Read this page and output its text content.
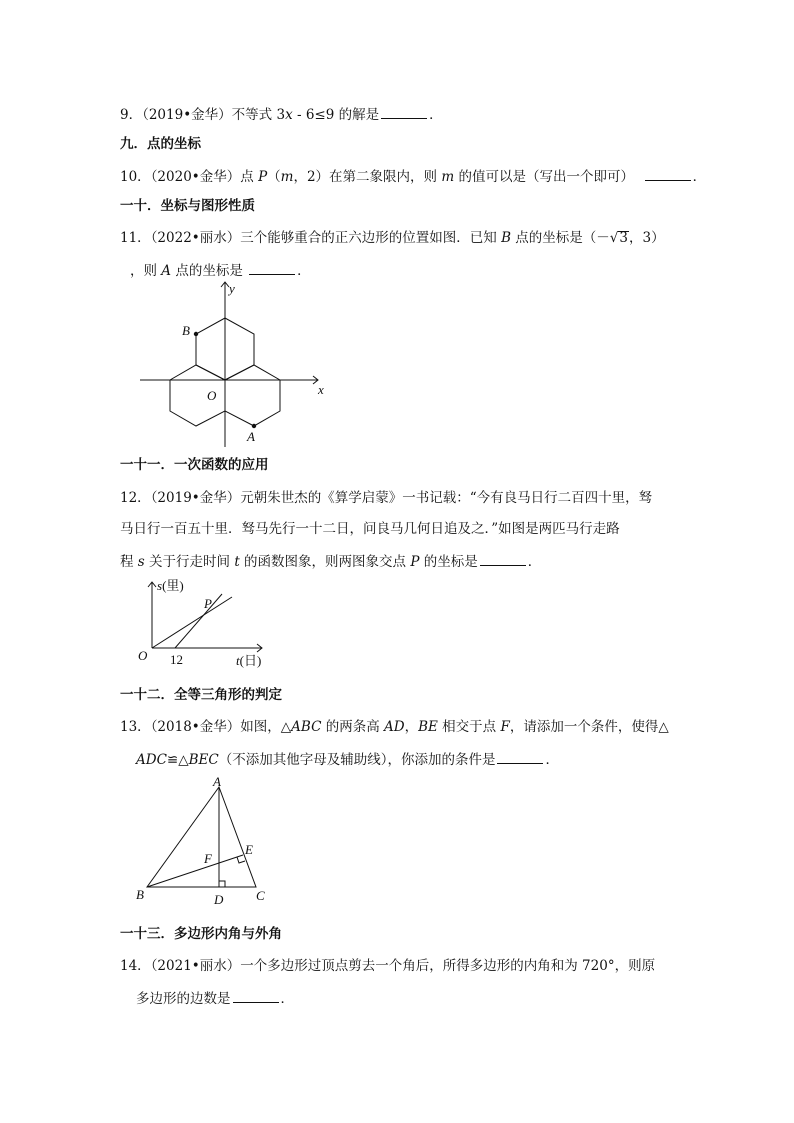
9．（2019•金华）不等式 3x - 6≤9 的解是	．
九．点的坐标
10．（2020•金华）点 P（m，2）在第二象限内，则 m 的值可以是（写出一个即可）	．
一十．坐标与图形性质
11．（2022•丽水）三个能够重合的正六边形的位置如图．已知 B 点的坐标是（－√3，3）
，则 A 点的坐标是	．
y
x
B
O
A
一十一．一次函数的应用
12．（2019•金华）元朝朱世杰的《算学启蒙》一书记载：“今有良马日行二百四十里，驽
马日行一百五十里．驽马先行一十二日，问良马几何日追及之．”如图是两匹马行走路
程 s 关于行走时间 t 的函数图象，则两图象交点 P 的坐标是	．
s(里)
P
O 12	t(日)
一十二．全等三角形的判定
13．（2018•金华）如图，△ABC 的两条高 AD，BE 相交于点 F，请添加一个条件，使得△
ADC≌△BEC（不添加其他字母及辅助线），你添加的条件是	．
A
B	C
D
E
F
一十三．多边形内角与外角
14．（2021•丽水）一个多边形过顶点剪去一个角后，所得多边形的内角和为 720°，则原
多边形的边数是	．
